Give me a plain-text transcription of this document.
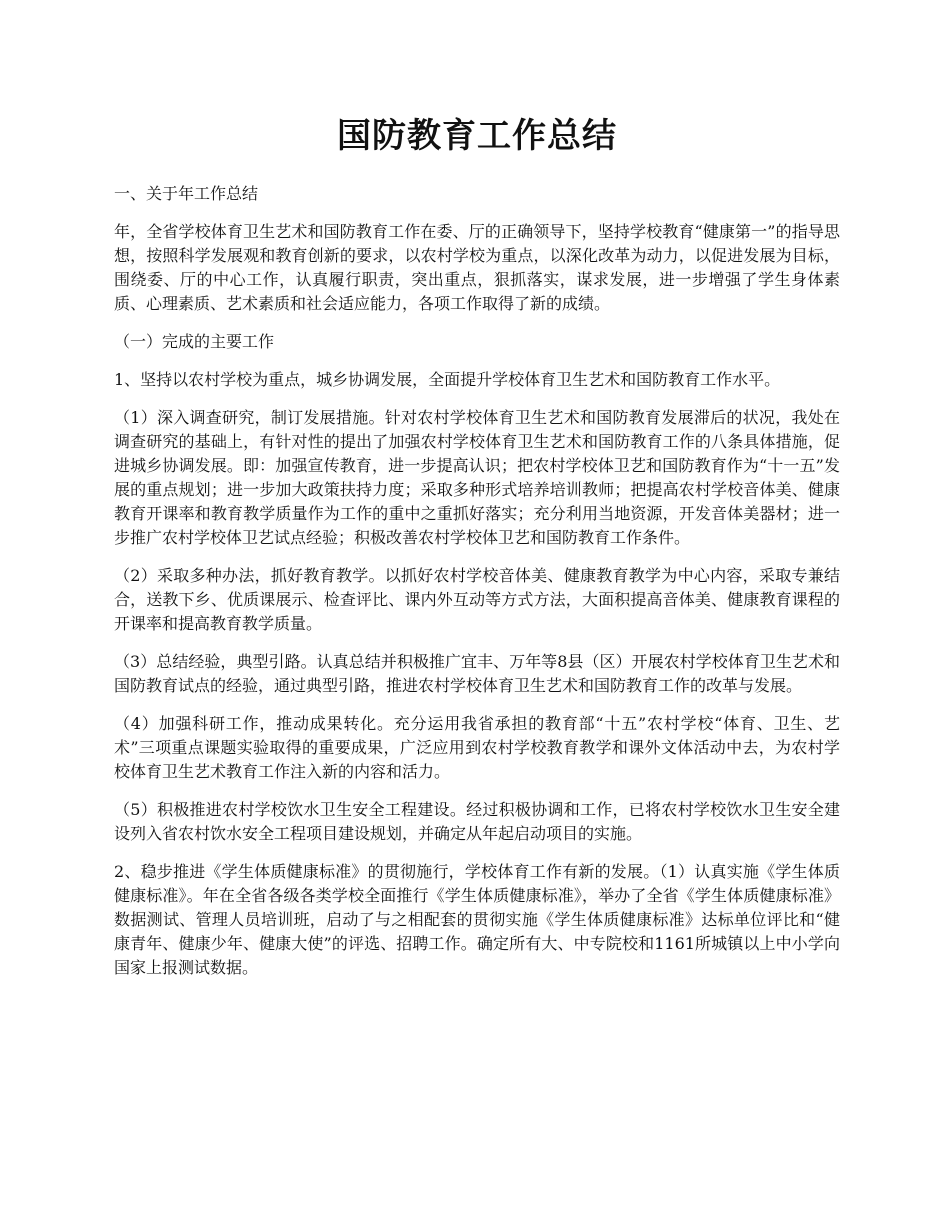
国防教育工作总结

一、关于年工作总结

年，全省学校体育卫生艺术和国防教育工作在委、厅的正确领导下，坚持学校教育“健康第一”的指导思想，按照科学发展观和教育创新的要求，以农村学校为重点，以深化改革为动力，以促进发展为目标，围绕委、厅的中心工作，认真履行职责，突出重点，狠抓落实，谋求发展，进一步增强了学生身体素质、心理素质、艺术素质和社会适应能力，各项工作取得了新的成绩。

（一）完成的主要工作

1、坚持以农村学校为重点，城乡协调发展，全面提升学校体育卫生艺术和国防教育工作水平。

（1）深入调查研究，制订发展措施。针对农村学校体育卫生艺术和国防教育发展滞后的状况，我处在调查研究的基础上，有针对性的提出了加强农村学校体育卫生艺术和国防教育工作的八条具体措施，促进城乡协调发展。即：加强宣传教育，进一步提高认识；把农村学校体卫艺和国防教育作为“十一五”发展的重点规划；进一步加大政策扶持力度；采取多种形式培养培训教师；把提高农村学校音体美、健康教育开课率和教育教学质量作为工作的重中之重抓好落实；充分利用当地资源，开发音体美器材；进一步推广农村学校体卫艺试点经验；积极改善农村学校体卫艺和国防教育工作条件。

（2）采取多种办法，抓好教育教学。以抓好农村学校音体美、健康教育教学为中心内容，采取专兼结合，送教下乡、优质课展示、检查评比、课内外互动等方式方法，大面积提高音体美、健康教育课程的开课率和提高教育教学质量。

（3）总结经验，典型引路。认真总结并积极推广宜丰、万年等8县（区）开展农村学校体育卫生艺术和国防教育试点的经验，通过典型引路，推进农村学校体育卫生艺术和国防教育工作的改革与发展。

（4）加强科研工作，推动成果转化。充分运用我省承担的教育部“十五”农村学校“体育、卫生、艺术”三项重点课题实验取得的重要成果，广泛应用到农村学校教育教学和课外文体活动中去，为农村学校体育卫生艺术教育工作注入新的内容和活力。

（5）积极推进农村学校饮水卫生安全工程建设。经过积极协调和工作，已将农村学校饮水卫生安全建设列入省农村饮水安全工程项目建设规划，并确定从年起启动项目的实施。

2、稳步推进《学生体质健康标准》的贯彻施行，学校体育工作有新的发展。（1）认真实施《学生体质健康标准》。年在全省各级各类学校全面推行《学生体质健康标准》，举办了全省《学生体质健康标准》数据测试、管理人员培训班，启动了与之相配套的贯彻实施《学生体质健康标准》达标单位评比和“健康青年、健康少年、健康大使”的评选、招聘工作。确定所有大、中专院校和1161所城镇以上中小学向国家上报测试数据。
